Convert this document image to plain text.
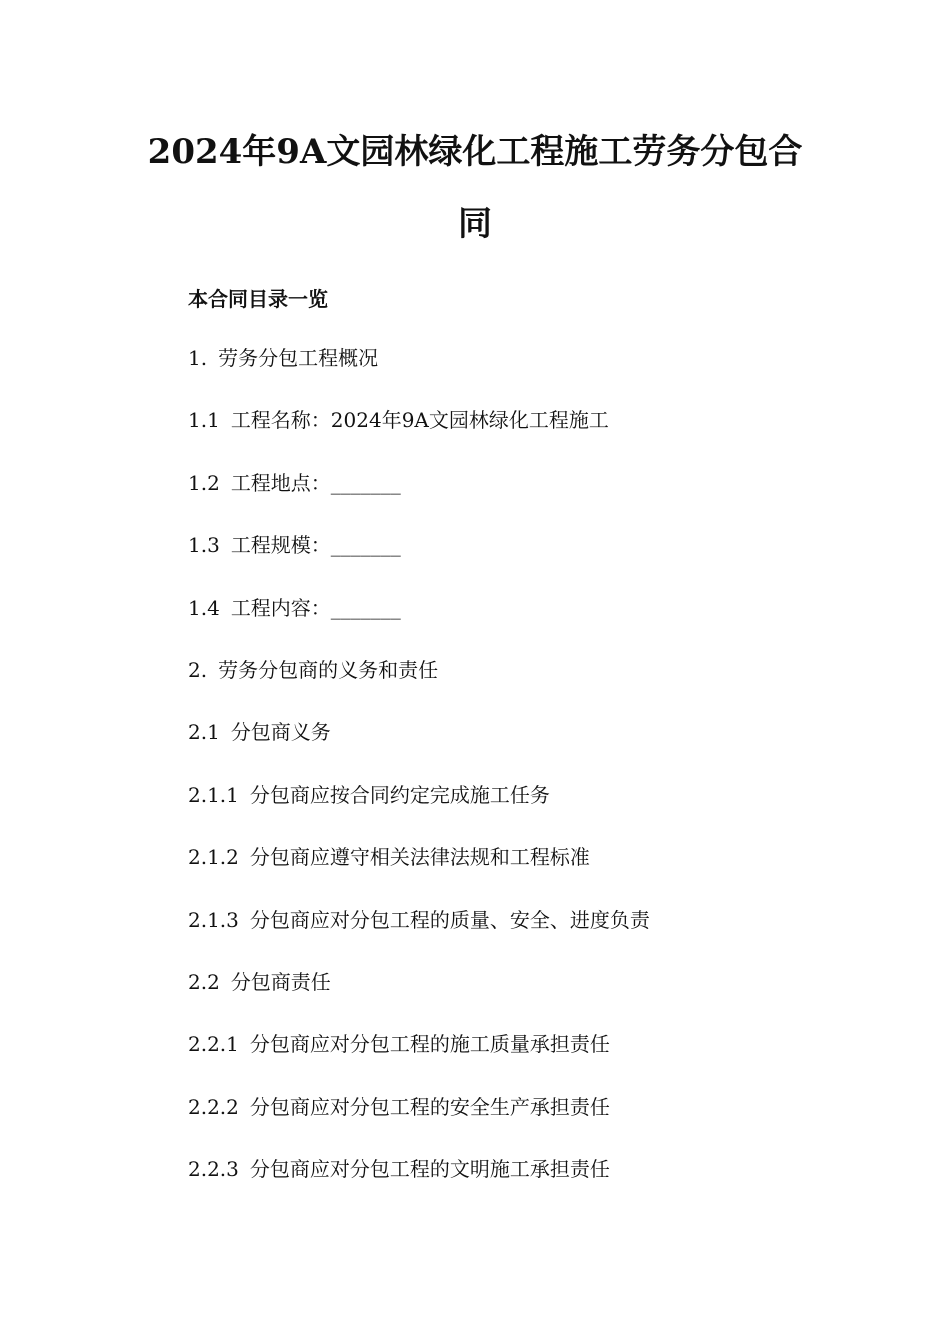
2024年9A文园林绿化工程施工劳务分包合
同

本合同目录一览

1. 劳务分包工程概况
1.1 工程名称：2024年9A文园林绿化工程施工
1.2 工程地点：_______
1.3 工程规模：_______
1.4 工程内容：_______
2. 劳务分包商的义务和责任
2.1 分包商义务
2.1.1 分包商应按合同约定完成施工任务
2.1.2 分包商应遵守相关法律法规和工程标准
2.1.3 分包商应对分包工程的质量、安全、进度负责
2.2 分包商责任
2.2.1 分包商应对分包工程的施工质量承担责任
2.2.2 分包商应对分包工程的安全生产承担责任
2.2.3 分包商应对分包工程的文明施工承担责任
